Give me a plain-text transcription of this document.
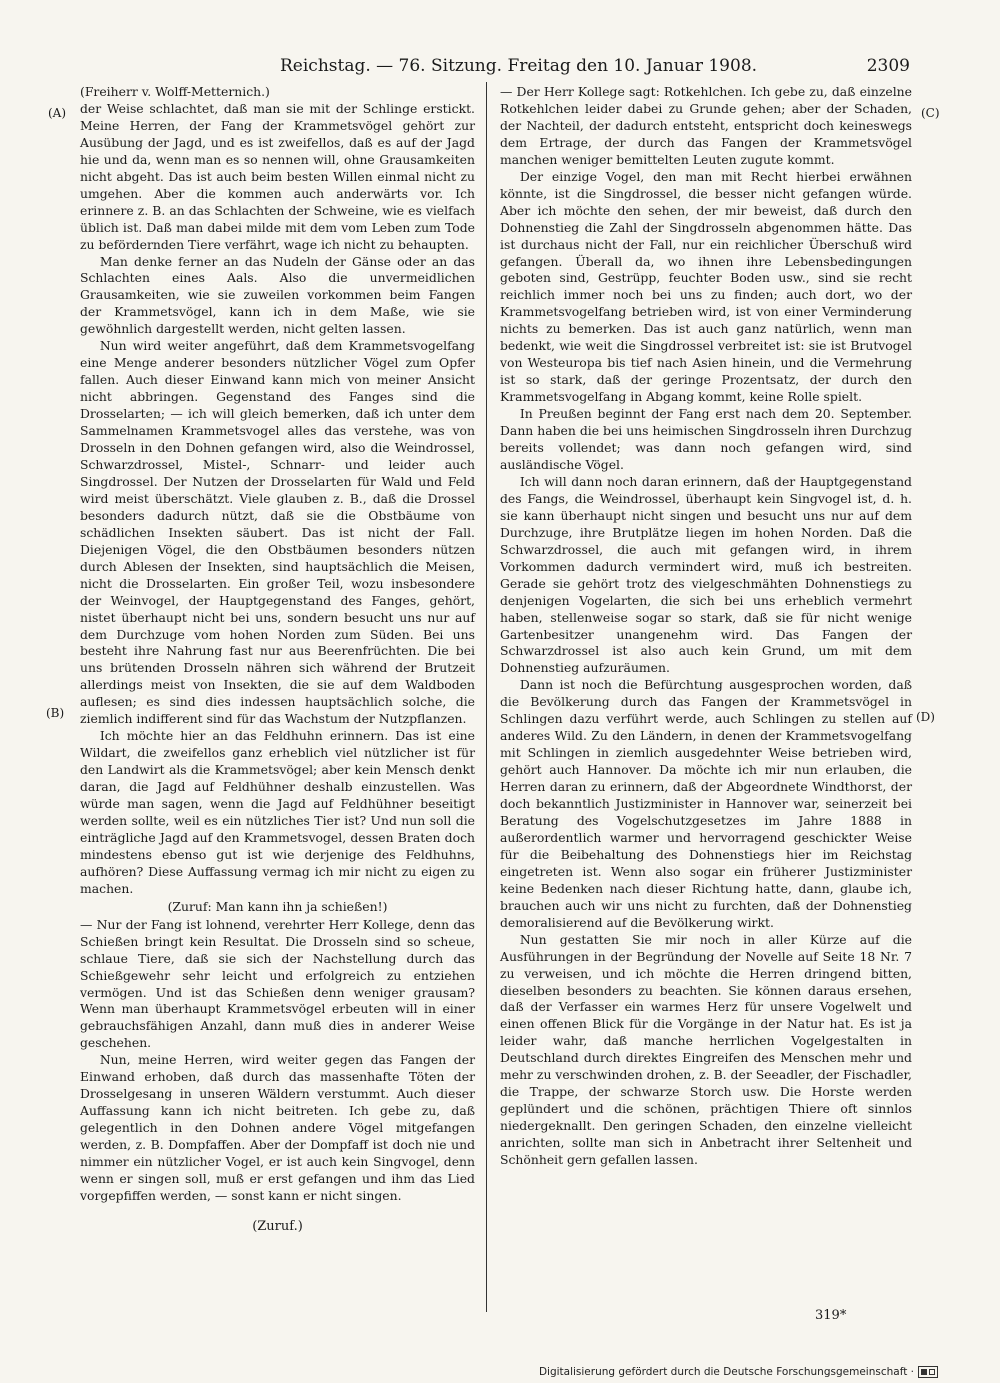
Reichstag. — 76. Sitzung. Freitag den 10. Januar 1908.	2309
(A)
(B)
(C)
(D)

(Freiherr v. Wolff-Metternich.)

der Weise schlachtet, daß man sie mit der Schlinge erstickt. Meine Herren, der Fang der Krammetsvögel gehört zur Ausübung der Jagd, und es ist zweifellos, daß es auf der Jagd hie und da, wenn man es so nennen will, ohne Grausamkeiten nicht abgeht. Das ist auch beim besten Willen einmal nicht zu umgehen. Aber die kommen auch anderwärts vor. Ich erinnere z. B. an das Schlachten der Schweine, wie es vielfach üblich ist. Daß man dabei milde mit dem vom Leben zum Tode zu befördernden Tiere verfährt, wage ich nicht zu behaupten.

Man denke ferner an das Nudeln der Gänse oder an das Schlachten eines Aals. Also die unvermeidlichen Grausamkeiten, wie sie zuweilen vorkommen beim Fangen der Krammetsvögel, kann ich in dem Maße, wie sie gewöhnlich dargestellt werden, nicht gelten lassen.

Nun wird weiter angeführt, daß dem Krammetsvogelfang eine Menge anderer besonders nützlicher Vögel zum Opfer fallen. Auch dieser Einwand kann mich von meiner Ansicht nicht abbringen. Gegenstand des Fanges sind die Drosselarten; — ich will gleich bemerken, daß ich unter dem Sammelnamen Krammetsvogel alles das verstehe, was von Drosseln in den Dohnen gefangen wird, also die Weindrossel, Schwarzdrossel, Mistel-, Schnarr- und leider auch Singdrossel. Der Nutzen der Drosselarten für Wald und Feld wird meist überschätzt. Viele glauben z. B., daß die Drossel besonders dadurch nützt, daß sie die Obstbäume von schädlichen Insekten säubert. Das ist nicht der Fall. Diejenigen Vögel, die den Obstbäumen besonders nützen durch Ablesen der Insekten, sind hauptsächlich die Meisen, nicht die Drosselarten. Ein großer Teil, wozu insbesondere der Weinvogel, der Hauptgegenstand des Fanges, gehört, nistet überhaupt nicht bei uns, sondern besucht uns nur auf dem Durchzuge vom hohen Norden zum Süden. Bei uns besteht ihre Nahrung fast nur aus Beerenfrüchten. Die bei uns brütenden Drosseln nähren sich während der Brutzeit allerdings meist von Insekten, die sie auf dem Waldboden auflesen; es sind dies indessen hauptsächlich solche, die ziemlich indifferent sind für das Wachstum der Nutzpflanzen.

Ich möchte hier an das Feldhuhn erinnern. Das ist eine Wildart, die zweifellos ganz erheblich viel nützlicher ist für den Landwirt als die Krammetsvögel; aber kein Mensch denkt daran, die Jagd auf Feldhühner deshalb einzustellen. Was würde man sagen, wenn die Jagd auf Feldhühner beseitigt werden sollte, weil es ein nützliches Tier ist? Und nun soll die einträgliche Jagd auf den Krammetsvogel, dessen Braten doch mindestens ebenso gut ist wie derjenige des Feldhuhns, aufhören? Diese Auffassung vermag ich mir nicht zu eigen zu machen.

(Zuruf: Man kann ihn ja schießen!)

— Nur der Fang ist lohnend, verehrter Herr Kollege, denn das Schießen bringt kein Resultat. Die Drosseln sind so scheue, schlaue Tiere, daß sie sich der Nachstellung durch das Schießgewehr sehr leicht und erfolgreich zu entziehen vermögen. Und ist das Schießen denn weniger grausam? Wenn man überhaupt Krammetsvögel erbeuten will in einer gebrauchsfähigen Anzahl, dann muß dies in anderer Weise geschehen.

Nun, meine Herren, wird weiter gegen das Fangen der Einwand erhoben, daß durch das massenhafte Töten der Drosselgesang in unseren Wäldern verstummt. Auch dieser Auffassung kann ich nicht beitreten. Ich gebe zu, daß gelegentlich in den Dohnen andere Vögel mitgefangen werden, z. B. Dompfaffen. Aber der Dompfaff ist doch nie und nimmer ein nützlicher Vogel, er ist auch kein Singvogel, denn wenn er singen soll, muß er erst gefangen und ihm das Lied vorgepfiffen werden, — sonst kann er nicht singen.

(Zuruf.)

— Der Herr Kollege sagt: Rotkehlchen. Ich gebe zu, daß einzelne Rotkehlchen leider dabei zu Grunde gehen; aber der Schaden, der Nachteil, der dadurch entsteht, entspricht doch keineswegs dem Ertrage, der durch das Fangen der Krammetsvögel manchen weniger bemittelten Leuten zugute kommt.

Der einzige Vogel, den man mit Recht hierbei erwähnen könnte, ist die Singdrossel, die besser nicht gefangen würde. Aber ich möchte den sehen, der mir beweist, daß durch den Dohnenstieg die Zahl der Singdrosseln abgenommen hätte. Das ist durchaus nicht der Fall, nur ein reichlicher Überschuß wird gefangen. Überall da, wo ihnen ihre Lebensbedingungen geboten sind, Gestrüpp, feuchter Boden usw., sind sie recht reichlich immer noch bei uns zu finden; auch dort, wo der Krammetsvogelfang betrieben wird, ist von einer Verminderung nichts zu bemerken. Das ist auch ganz natürlich, wenn man bedenkt, wie weit die Singdrossel verbreitet ist: sie ist Brutvogel von Westeuropa bis tief nach Asien hinein, und die Vermehrung ist so stark, daß der geringe Prozentsatz, der durch den Krammetsvogelfang in Abgang kommt, keine Rolle spielt.

In Preußen beginnt der Fang erst nach dem 20. September. Dann haben die bei uns heimischen Singdrosseln ihren Durchzug bereits vollendet; was dann noch gefangen wird, sind ausländische Vögel.

Ich will dann noch daran erinnern, daß der Hauptgegenstand des Fangs, die Weindrossel, überhaupt kein Singvogel ist, d. h. sie kann überhaupt nicht singen und besucht uns nur auf dem Durchzuge, ihre Brutplätze liegen im hohen Norden. Daß die Schwarzdrossel, die auch mit gefangen wird, in ihrem Vorkommen dadurch vermindert wird, muß ich bestreiten. Gerade sie gehört trotz des vielgeschmähten Dohnenstiegs zu denjenigen Vogelarten, die sich bei uns erheblich vermehrt haben, stellenweise sogar so stark, daß sie für nicht wenige Gartenbesitzer unangenehm wird. Das Fangen der Schwarzdrossel ist also auch kein Grund, um mit dem Dohnenstieg aufzuräumen.

Dann ist noch die Befürchtung ausgesprochen worden, daß die Bevölkerung durch das Fangen der Krammetsvögel in Schlingen dazu verführt werde, auch Schlingen zu stellen auf anderes Wild. Zu den Ländern, in denen der Krammetsvogelfang mit Schlingen in ziemlich ausgedehnter Weise betrieben wird, gehört auch Hannover. Da möchte ich mir nun erlauben, die Herren daran zu erinnern, daß der Abgeordnete Windthorst, der doch bekanntlich Justizminister in Hannover war, seinerzeit bei Beratung des Vogelschutzgesetzes im Jahre 1888 in außerordentlich warmer und hervorragend geschickter Weise für die Beibehaltung des Dohnenstiegs hier im Reichstag eingetreten ist. Wenn also sogar ein früherer Justizminister keine Bedenken nach dieser Richtung hatte, dann, glaube ich, brauchen auch wir uns nicht zu furchten, daß der Dohnenstieg demoralisierend auf die Bevölkerung wirkt.

Nun gestatten Sie mir noch in aller Kürze auf die Ausführungen in der Begründung der Novelle auf Seite 18 Nr. 7 zu verweisen, und ich möchte die Herren dringend bitten, dieselben besonders zu beachten. Sie können daraus ersehen, daß der Verfasser ein warmes Herz für unsere Vogelwelt und einen offenen Blick für die Vorgänge in der Natur hat. Es ist ja leider wahr, daß manche herrlichen Vogelgestalten in Deutschland durch direktes Eingreifen des Menschen mehr und mehr zu verschwinden drohen, z. B. der Seeadler, der Fischadler, die Trappe, der schwarze Storch usw. Die Horste werden geplündert und die schönen, prächtigen Thiere oft sinnlos niedergeknallt. Den geringen Schaden, den einzelne vielleicht anrichten, sollte man sich in Anbetracht ihrer Seltenheit und Schönheit gern gefallen lassen.

319*
Digitalisierung gefördert durch die Deutsche Forschungsgemeinschaft ·
